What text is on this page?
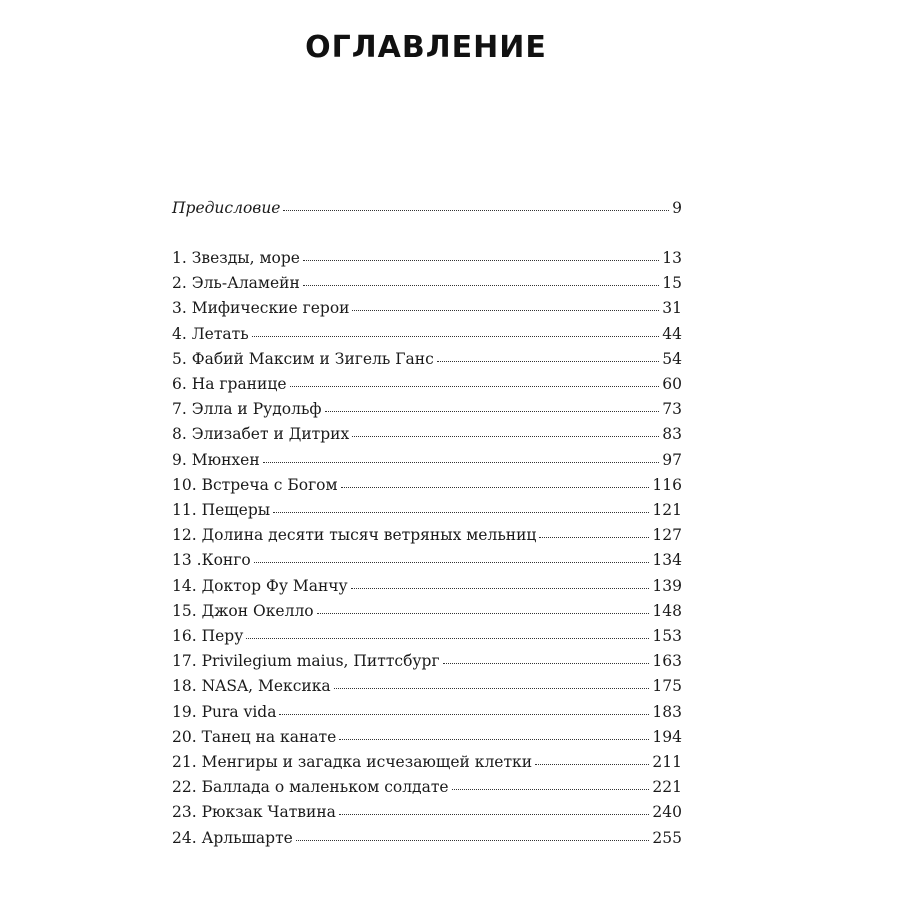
ОГЛАВЛЕНИЕ
Предисловие	9
1. Звезды, море	13
2. Эль-Аламейн	15
3. Мифические герои	31
4. Летать	44
5. Фабий Максим и Зигель Ганс	54
6. На границе	60
7. Элла и Рудольф	73
8. Элизабет и Дитрих	83
9. Мюнхен	97
10. Встреча с Богом	116
11. Пещеры	121
12. Долина десяти тысяч ветряных мельниц	127
13 .Конго	134
14. Доктор Фу Манчу	139
15. Джон Окелло	148
16. Перу	153
17. Privilegium maius, Питтсбург	163
18. NASA, Мексика	175
19. Pura vida	183
20. Танец на канате	194
21. Менгиры и загадка исчезающей клетки	211
22. Баллада о маленьком солдате	221
23. Рюкзак Чатвина	240
24. Арльшарте	255
